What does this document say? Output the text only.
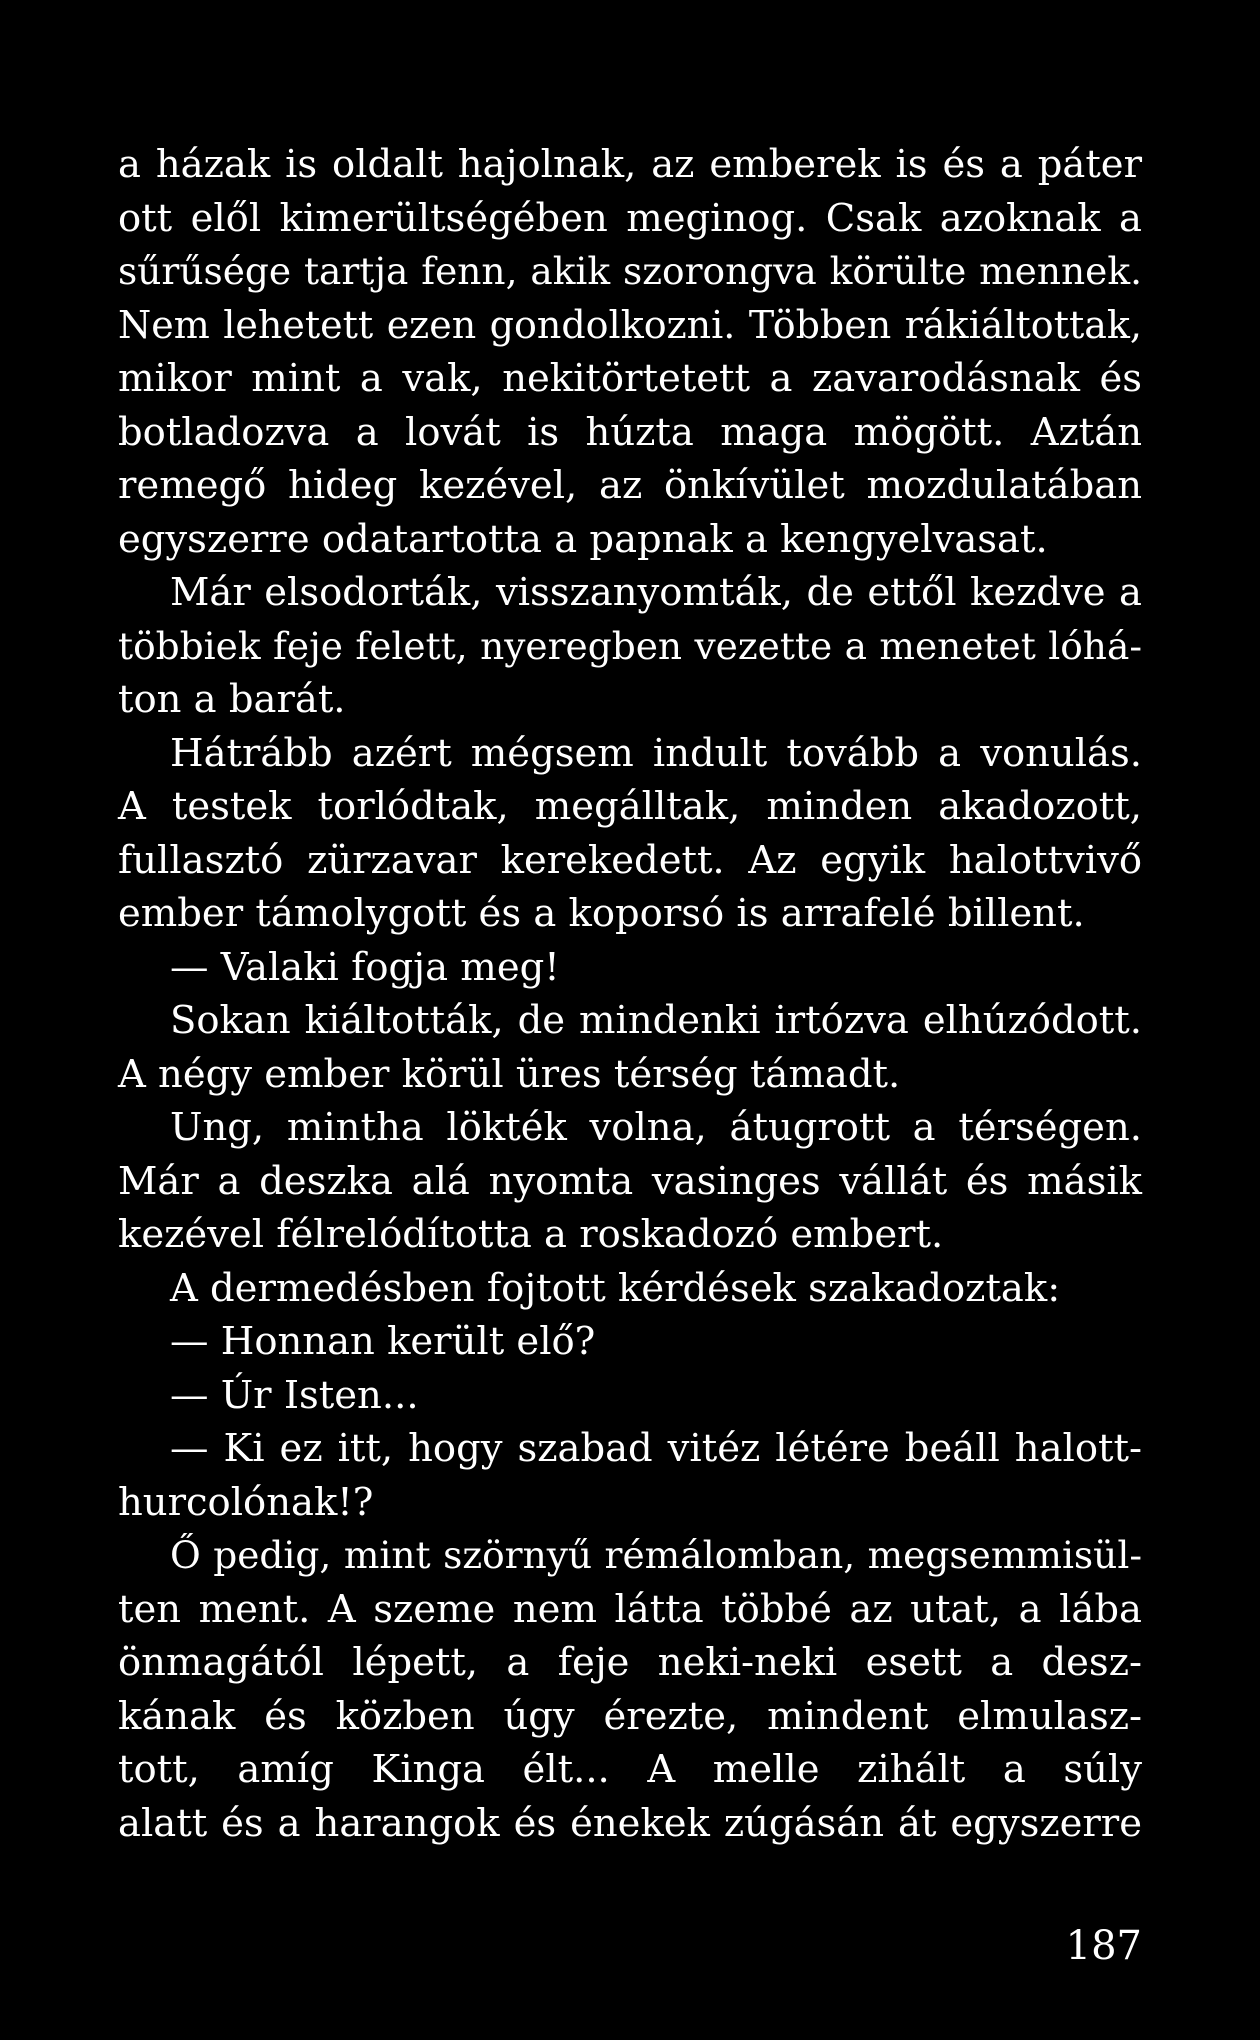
a házak is oldalt hajolnak, az emberek is és a páter
ott elől kimerültségében meginog. Csak azoknak a
sűrűsége tartja fenn, akik szorongva körülte mennek.
Nem lehetett ezen gondolkozni. Többen rákiáltottak,
mikor mint a vak, nekitörtetett a zavarodásnak és
botladozva a lovát is húzta maga mögött. Aztán
remegő hideg kezével, az önkívület mozdulatában
egyszerre odatartotta a papnak a kengyelvasat.
Már elsodorták, visszanyomták, de ettől kezdve a
többiek feje felett, nyeregben vezette a menetet lóhá-
ton a barát.
Hátrább azért mégsem indult tovább a vonulás.
A testek torlódtak, megálltak, minden akadozott,
fullasztó zürzavar kerekedett. Az egyik halottvivő
ember támolygott és a koporsó is arrafelé billent.
— Valaki fogja meg!
Sokan kiáltották, de mindenki irtózva elhúzódott.
A négy ember körül üres térség támadt.
Ung, mintha lökték volna, átugrott a térségen.
Már a deszka alá nyomta vasinges vállát és másik
kezével félrelódította a roskadozó embert.
A dermedésben fojtott kérdések szakadoztak:
— Honnan került elő?
— Úr Isten...
— Ki ez itt, hogy szabad vitéz létére beáll halott-
hurcolónak!?
Ő pedig, mint szörnyű rémálomban, megsemmisül-
ten ment. A szeme nem látta többé az utat, a lába
önmagától lépett, a feje neki-neki esett a desz-
kának és közben úgy érezte, mindent elmulasz-
tott, amíg Kinga élt... A melle zihált a súly
alatt és a harangok és énekek zúgásán át egyszerre
187
